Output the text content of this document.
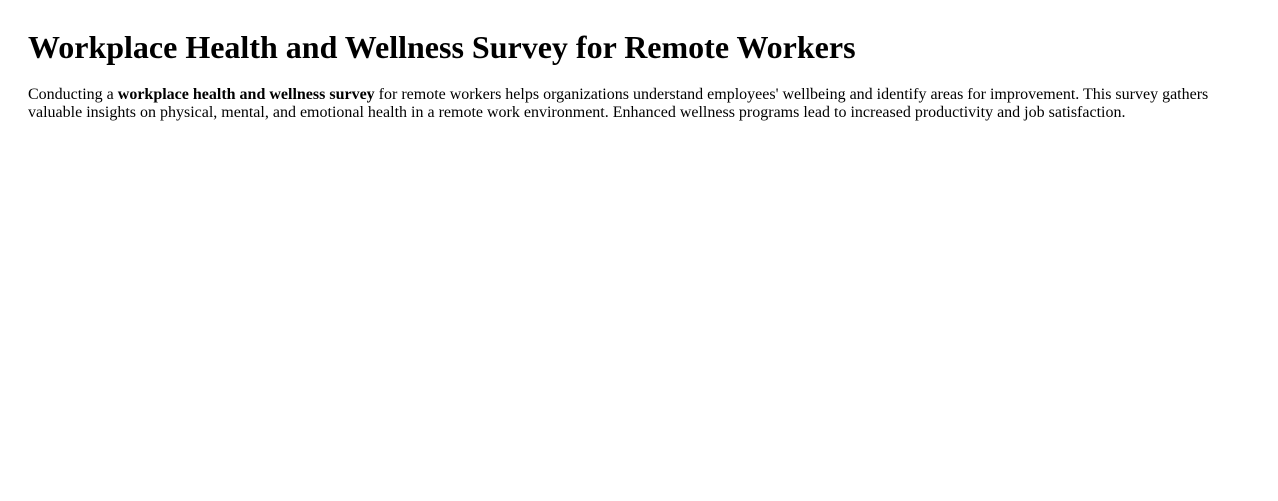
Workplace Health and Wellness Survey for Remote Workers

Conducting a workplace health and wellness survey for remote workers helps organizations understand employees' wellbeing and identify areas for improvement. This survey gathers valuable insights on physical, mental, and emotional health in a remote work environment. Enhanced wellness programs lead to increased productivity and job satisfaction.
